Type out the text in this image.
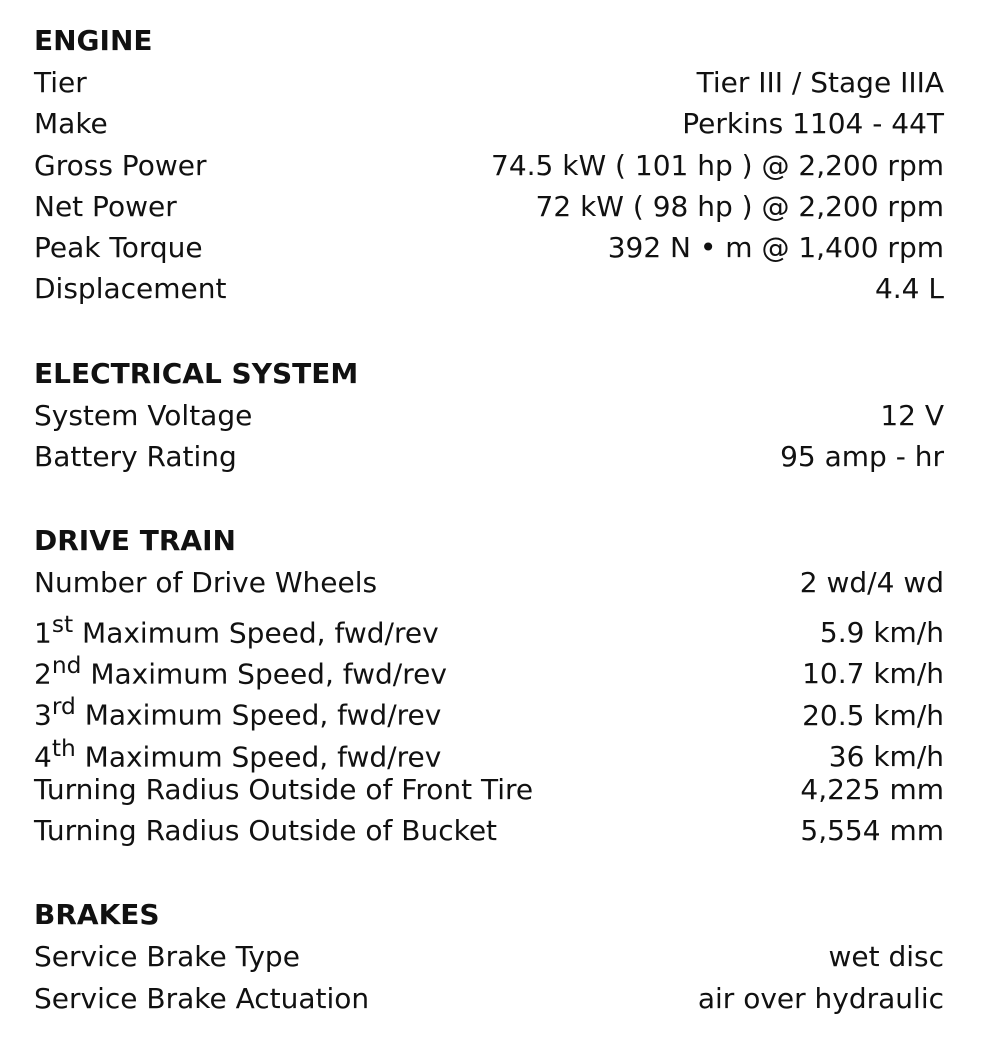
ENGINE
Tier	Tier III / Stage IIIA
Make	Perkins 1104 - 44T
Gross Power	74.5 kW ( 101 hp ) @ 2,200 rpm
Net Power	72 kW ( 98 hp ) @ 2,200 rpm
Peak Torque	392 N • m @ 1,400 rpm
Displacement	4.4 L
ELECTRICAL SYSTEM
System Voltage	12 V
Battery Rating	95 amp - hr
DRIVE TRAIN
Number of Drive Wheels	2 wd/4 wd
1st Maximum Speed, fwd/rev	5.9 km/h
2nd Maximum Speed, fwd/rev	10.7 km/h
3rd Maximum Speed, fwd/rev	20.5 km/h
4th Maximum Speed, fwd/rev	36 km/h
Turning Radius Outside of Front Tire	4,225 mm
Turning Radius Outside of Bucket	5,554 mm
BRAKES
Service Brake Type	wet disc
Service Brake Actuation	air over hydraulic
